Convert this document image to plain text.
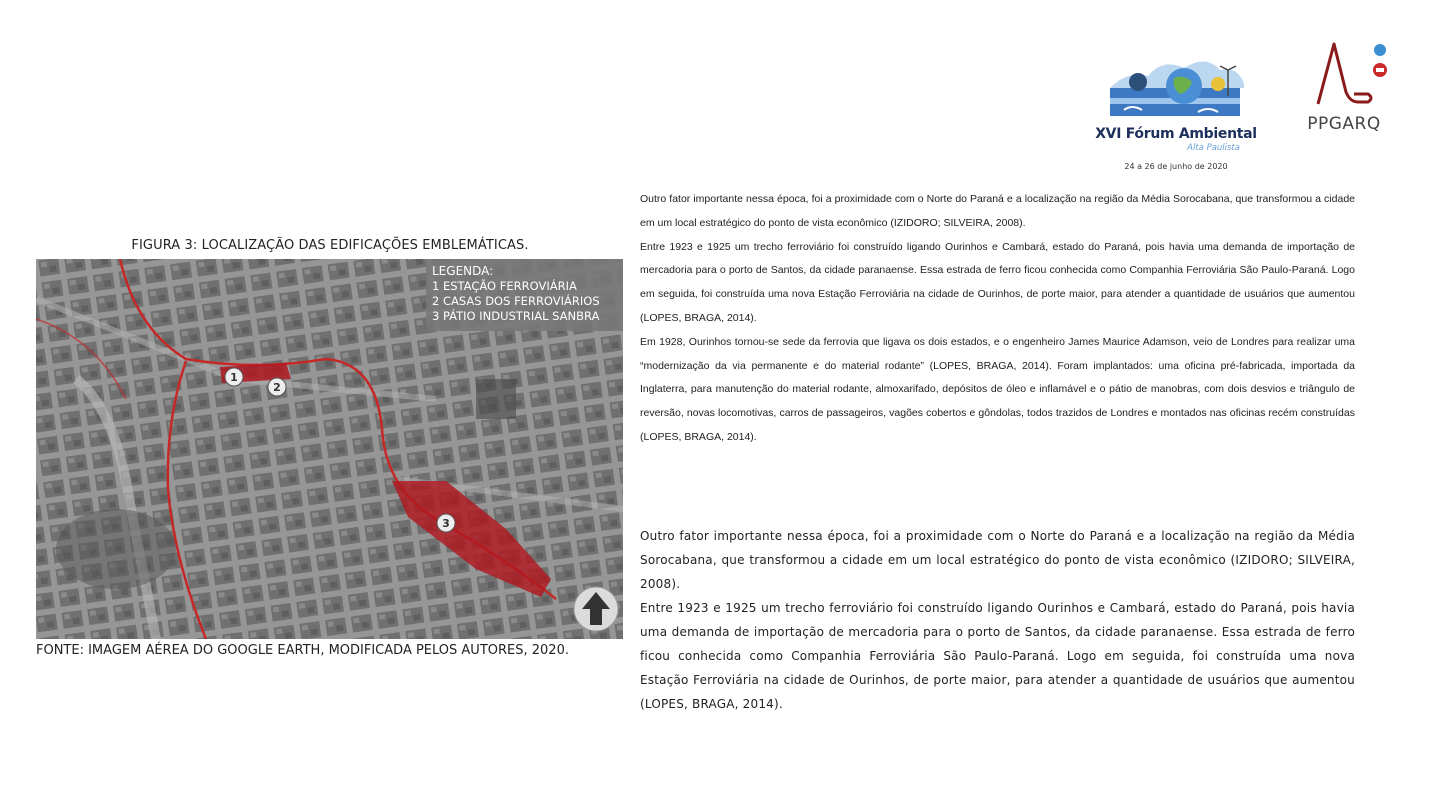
XVI Fórum Ambiental
Alta Paulista
24 a 26 de junho de 2020
PPGARQ
FIGURA 3: LOCALIZAÇÃO DAS EDIFICAÇÕES EMBLEMÁTICAS.
LEGENDA:
1 ESTAÇÃO FERROVIÁRIA
2 CASAS DOS FERROVIÁRIOS
3 PÁTIO INDUSTRIAL SANBRA
1
2
3
FONTE: IMAGEM AÉREA DO GOOGLE EARTH, MODIFICADA PELOS AUTORES, 2020.

Outro fator importante nessa época, foi a proximidade com o Norte do Paraná e a localização na região da Média Sorocabana, que transformou a cidade em um local estratégico do ponto de vista econômico (IZIDORO; SILVEIRA, 2008).

Entre 1923 e 1925 um trecho ferroviário foi construído ligando Ourinhos e Cambará, estado do Paraná, pois havia uma demanda de importação de mercadoria para o porto de Santos, da cidade paranaense. Essa estrada de ferro ficou conhecida como Companhia Ferroviária São Paulo-Paraná. Logo em seguida, foi construída uma nova Estação Ferroviária na cidade de Ourinhos, de porte maior, para atender a quantidade de usuários que aumentou (LOPES, BRAGA, 2014).

Em 1928, Ourinhos tornou-se sede da ferrovia que ligava os dois estados, e o engenheiro James Maurice Adamson, veio de Londres para realizar uma “modernização da via permanente e do material rodante” (LOPES, BRAGA, 2014). Foram implantados: uma oficina pré-fabricada, importada da Inglaterra, para manutenção do material rodante, almoxarifado, depósitos de óleo e inflamável e o pátio de manobras, com dois desvios e triângulo de reversão, novas locomotivas, carros de passageiros, vagões cobertos e gôndolas, todos trazidos de Londres e montados nas oficinas recém construídas (LOPES, BRAGA, 2014).

Outro fator importante nessa época, foi a proximidade com o Norte do Paraná e a localização na região da Média Sorocabana, que transformou a cidade em um local estratégico do ponto de vista econômico (IZIDORO; SILVEIRA, 2008).

Entre 1923 e 1925 um trecho ferroviário foi construído ligando Ourinhos e Cambará, estado do Paraná, pois havia uma demanda de importação de mercadoria para o porto de Santos, da cidade paranaense. Essa estrada de ferro ficou conhecida como Companhia Ferroviária São Paulo-Paraná. Logo em seguida, foi construída uma nova Estação Ferroviária na cidade de Ourinhos, de porte maior, para atender a quantidade de usuários que aumentou (LOPES, BRAGA, 2014).
